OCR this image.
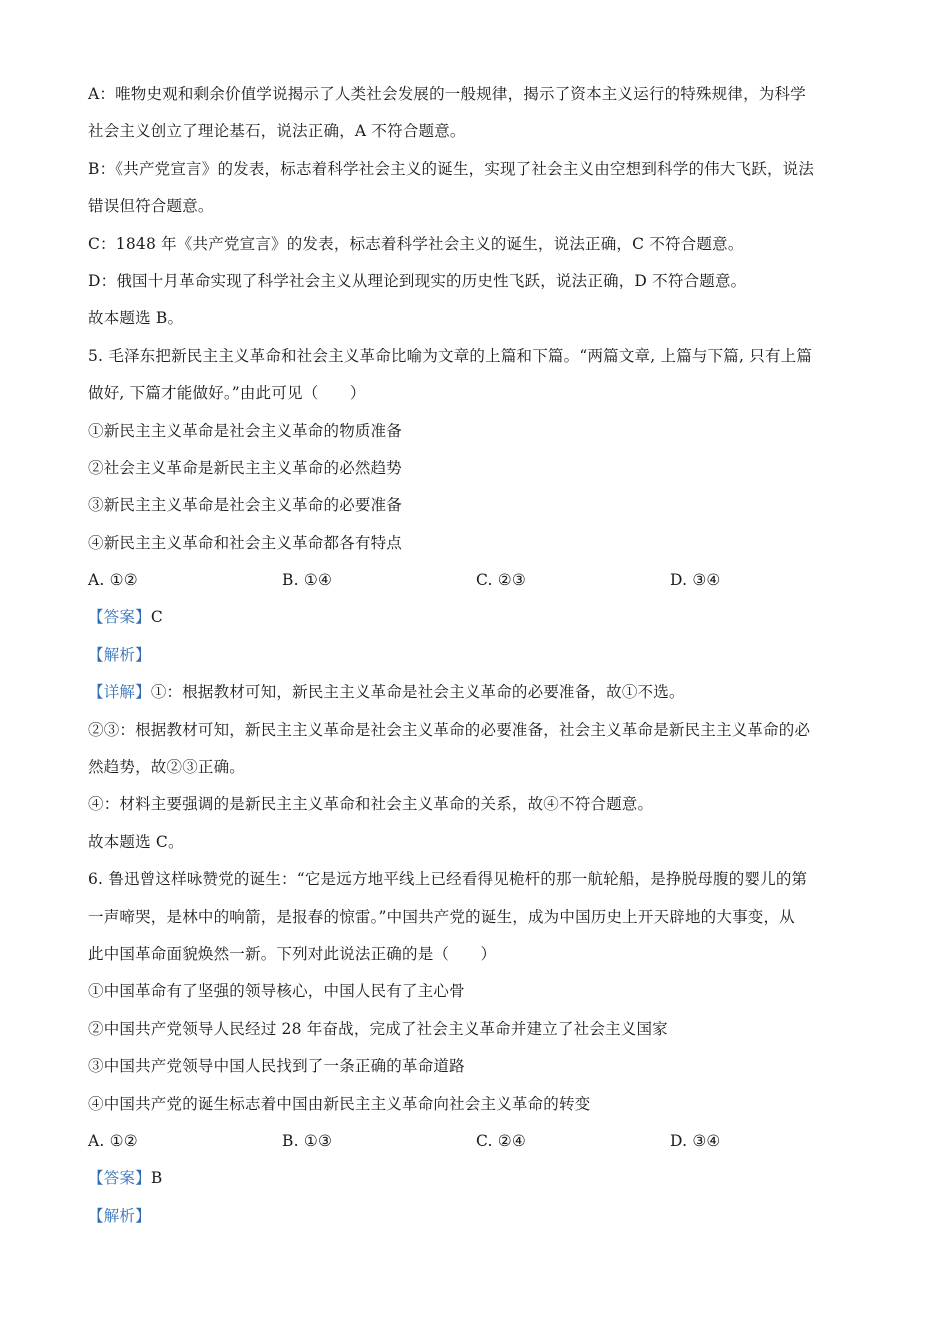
A：唯物史观和剩余价值学说揭示了人类社会发展的一般规律，揭示了资本主义运行的特殊规律，为科学
社会主义创立了理论基石，说法正确，A 不符合题意。
B：《共产党宣言》的发表，标志着科学社会主义的诞生，实现了社会主义由空想到科学的伟大飞跃，说法
错误但符合题意。
C：1848 年《共产党宣言》的发表，标志着科学社会主义的诞生，说法正确，C 不符合题意。
D：俄国十月革命实现了科学社会主义从理论到现实的历史性飞跃，说法正确，D 不符合题意。
故本题选 B。
5. 毛泽东把新民主主义革命和社会主义革命比喻为文章的上篇和下篇。“两篇文章, 上篇与下篇, 只有上篇
做好, 下篇才能做好。”由此可见（　　）
①新民主主义革命是社会主义革命的物质准备
②社会主义革命是新民主主义革命的必然趋势
③新民主主义革命是社会主义革命的必要准备
④新民主主义革命和社会主义革命都各有特点
A. ①②	B. ①④	C. ②③	D. ③④
【答案】C
【解析】
【详解】①：根据教材可知，新民主主义革命是社会主义革命的必要准备，故①不选。
②③：根据教材可知，新民主主义革命是社会主义革命的必要准备，社会主义革命是新民主主义革命的必
然趋势，故②③正确。
④：材料主要强调的是新民主主义革命和社会主义革命的关系，故④不符合题意。
故本题选 C。
6. 鲁迅曾这样咏赞党的诞生：“它是远方地平线上已经看得见桅杆的那一航轮船，是挣脱母腹的婴儿的第
一声啼哭，是林中的响箭，是报春的惊雷。”中国共产党的诞生，成为中国历史上开天辟地的大事变，从
此中国革命面貌焕然一新。下列对此说法正确的是（　　）
①中国革命有了坚强的领导核心，中国人民有了主心骨
②中国共产党领导人民经过 28 年奋战，完成了社会主义革命并建立了社会主义国家
③中国共产党领导中国人民找到了一条正确的革命道路
④中国共产党的诞生标志着中国由新民主主义革命向社会主义革命的转变
A. ①②	B. ①③	C. ②④	D. ③④
【答案】B
【解析】
